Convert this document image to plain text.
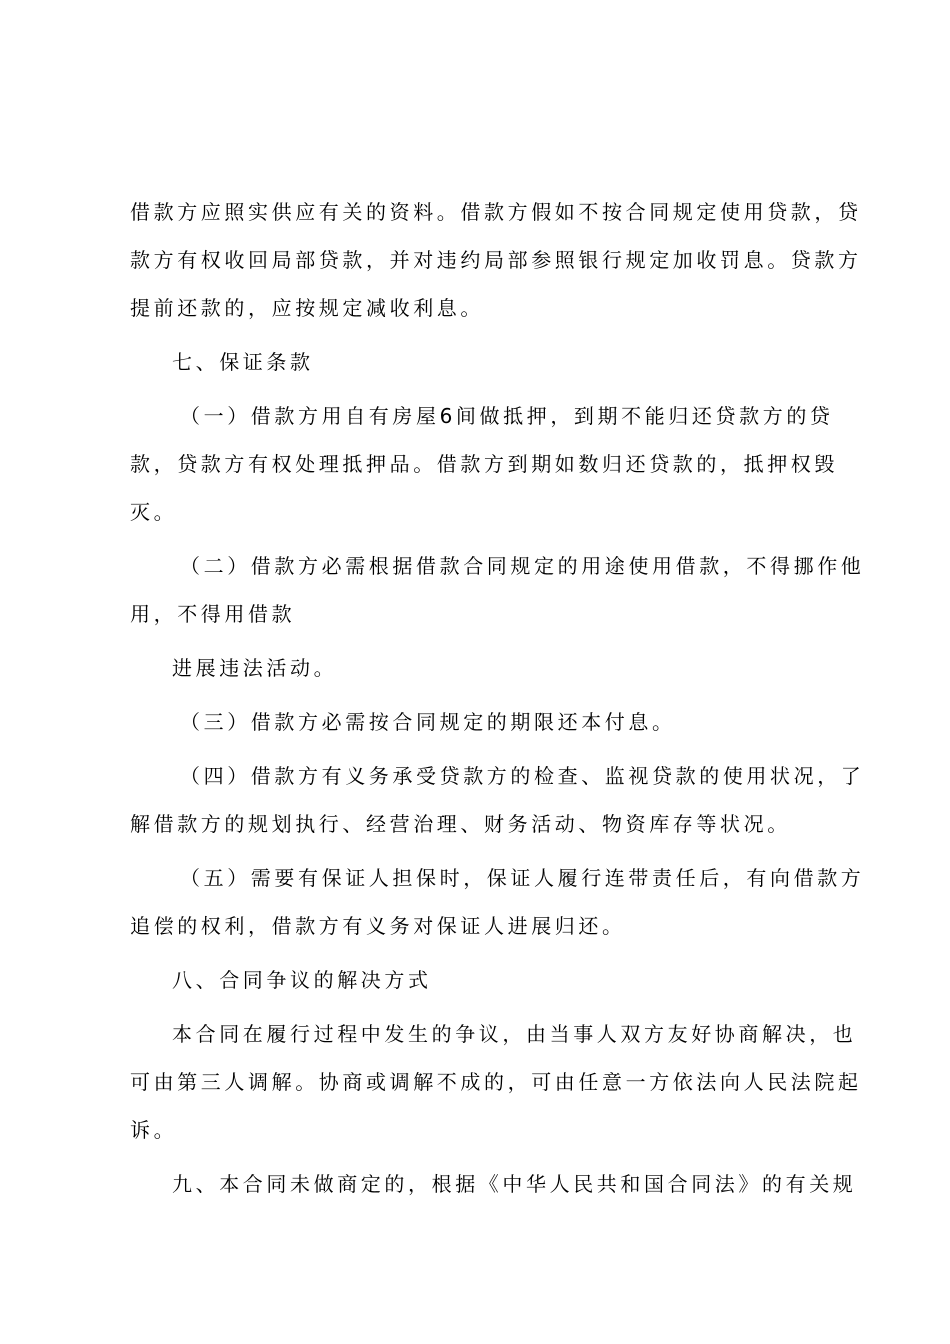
借款方应照实供应有关的资料。借款方假如不按合同规定使用贷款，贷
款方有权收回局部贷款，并对违约局部参照银行规定加收罚息。贷款方
提前还款的，应按规定减收利息。
七、保证条款
（一）借款方用自有房屋6间做抵押，到期不能归还贷款方的贷
款，贷款方有权处理抵押品。借款方到期如数归还贷款的，抵押权毁
灭。
（二）借款方必需根据借款合同规定的用途使用借款，不得挪作他
用，不得用借款
进展违法活动。
（三）借款方必需按合同规定的期限还本付息。
（四）借款方有义务承受贷款方的检查、监视贷款的使用状况，了
解借款方的规划执行、经营治理、财务活动、物资库存等状况。
（五）需要有保证人担保时，保证人履行连带责任后，有向借款方
追偿的权利，借款方有义务对保证人进展归还。
八、合同争议的解决方式
本合同在履行过程中发生的争议，由当事人双方友好协商解决，也
可由第三人调解。协商或调解不成的，可由任意一方依法向人民法院起
诉。
九、本合同未做商定的，根据《中华人民共和国合同法》的有关规
